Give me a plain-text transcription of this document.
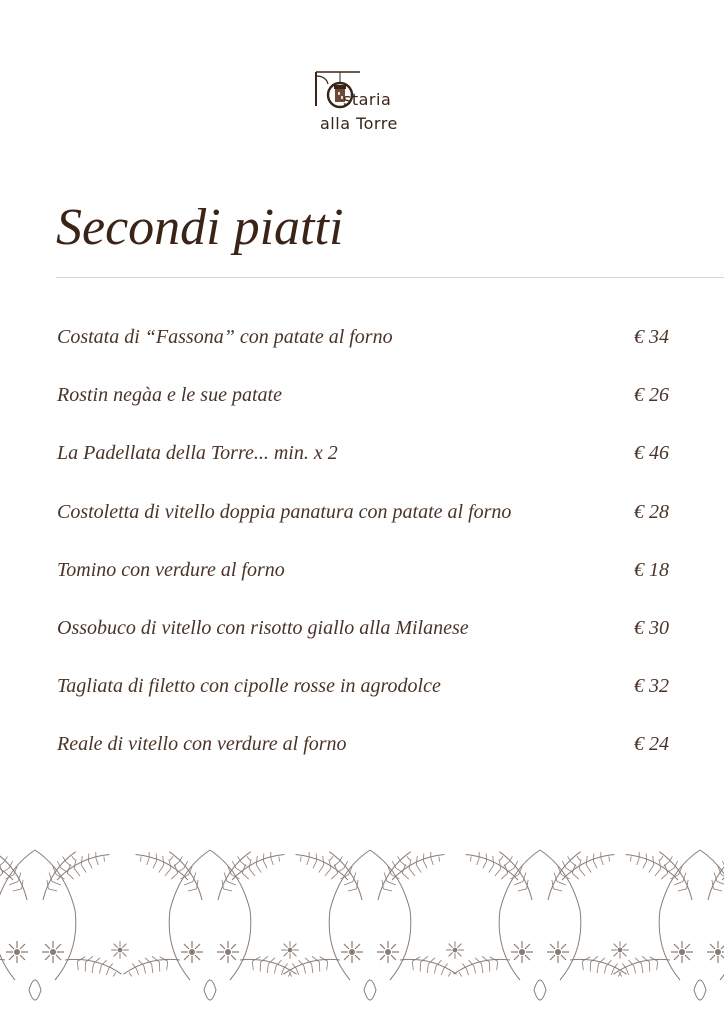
staria
alla Torre
Secondi piatti
Costata di “Fassona” con patate al forno	€ 34
Rostin negàa e le sue patate	€ 26
La Padellata della Torre... min. x 2	€ 46
Costoletta di vitello doppia panatura con patate al forno	€ 28
Tomino con verdure al forno	€ 18
Ossobuco di vitello con risotto giallo alla Milanese	€ 30
Tagliata di filetto con cipolle rosse in agrodolce	€ 32
Reale di vitello con verdure al forno	€ 24
